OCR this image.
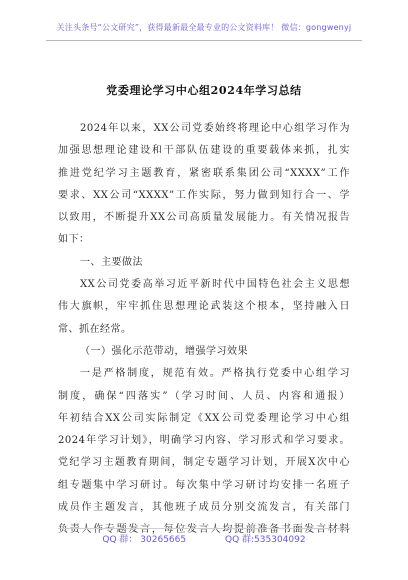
关注头条号“公文研究”，获得最新最全最专业的公文资料库！ 微信：gongwenyj
党委理论学习中心组2024年学习总结
2024年以来，XX公司党委始终将理论中心组学习作为
加强思想理论建设和干部队伍建设的重要载体来抓，扎实
推进党纪学习主题教育，紧密联系集团公司“XXXX”工作
要求、XX公司“XXXX”工作实际，努力做到知行合一、学
以致用，不断提升XX公司高质量发展能力。有关情况报告
如下：
一、主要做法
XX公司党委高举习近平新时代中国特色社会主义思想
伟大旗帜，牢牢抓住思想理论武装这个根本，坚持融入日
常、抓在经常。
（一）强化示范带动，增强学习效果
一是严格制度，规范有效。严格执行党委中心组学习
制度，确保“四落实”（学习时间、人员、内容和通报）
年初结合XX公司实际制定《XX公司党委理论学习中心组
2024年学习计划》，明确学习内容、学习形式和学习要求。
党纪学习主题教育期间，制定专题学习计划，开展X次中心
组专题集中学习研讨。每次集中学习研讨均安排一名班子
成员作主题发言，其他班子成员分别交流发言，有关部门
负责人作专题发言，每位发言人均提前准备书面发言材料
QQ 群： 30265665	QQ 群:535304092
